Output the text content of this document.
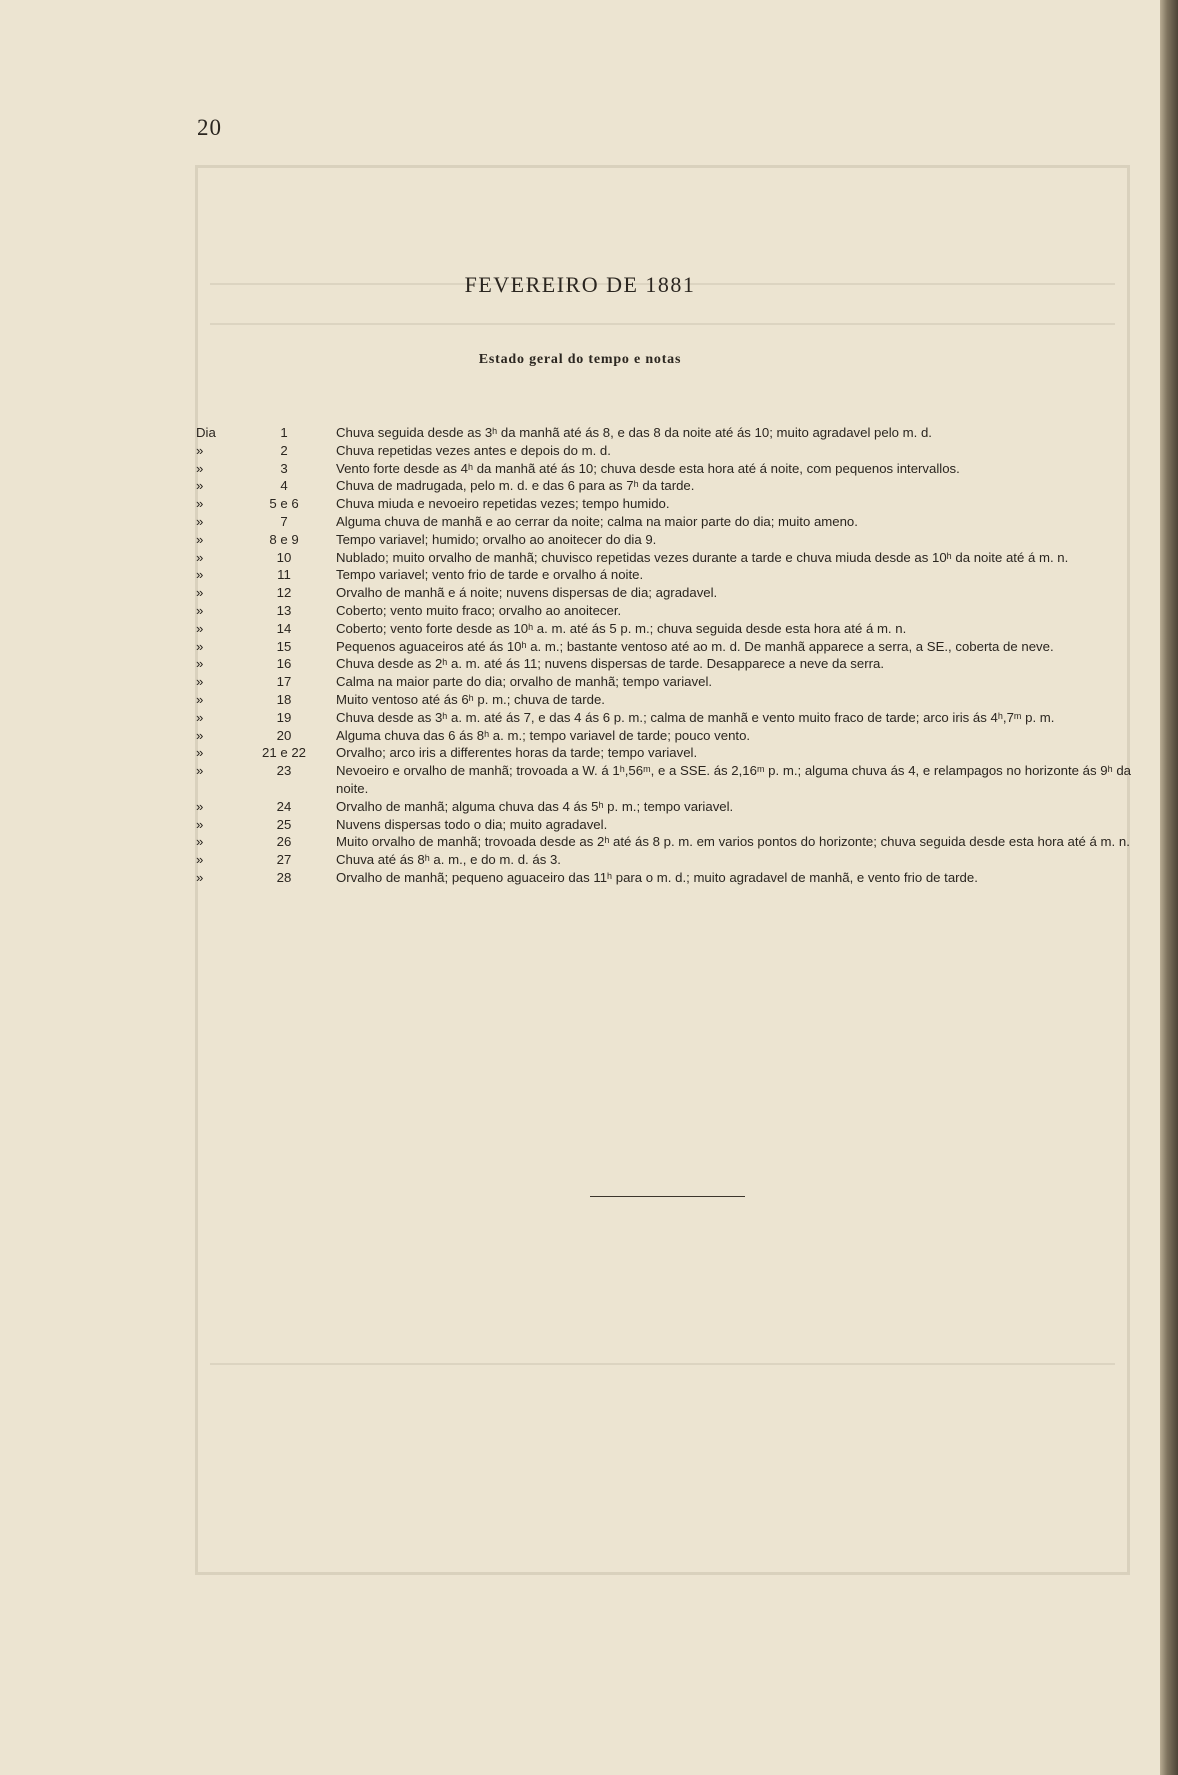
20
FEVEREIRO DE 1881
Estado geral do tempo e notas
Dia	1	Chuva seguida desde as 3ʰ da manhã até ás 8, e das 8 da noite até ás 10; muito agradavel pelo m. d.
»	2	Chuva repetidas vezes antes e depois do m. d.
»	3	Vento forte desde as 4ʰ da manhã até ás 10; chuva desde esta hora até á noite, com pequenos intervallos.
»	4	Chuva de madrugada, pelo m. d. e das 6 para as 7ʰ da tarde.
»	5 e 6	Chuva miuda e nevoeiro repetidas vezes; tempo humido.
»	7	Alguma chuva de manhã e ao cerrar da noite; calma na maior parte do dia; muito ameno.
»	8 e 9	Tempo variavel; humido; orvalho ao anoitecer do dia 9.
»	10	Nublado; muito orvalho de manhã; chuvisco repetidas vezes durante a tarde e chuva miuda desde as 10ʰ da noite até á m. n.
»	11	Tempo variavel; vento frio de tarde e orvalho á noite.
»	12	Orvalho de manhã e á noite; nuvens dispersas de dia; agradavel.
»	13	Coberto; vento muito fraco; orvalho ao anoitecer.
»	14	Coberto; vento forte desde as 10ʰ a. m. até ás 5 p. m.; chuva seguida desde esta hora até á m. n.
»	15	Pequenos aguaceiros até ás 10ʰ a. m.; bastante ventoso até ao m. d. De manhã apparece a serra, a SE., coberta de neve.
»	16	Chuva desde as 2ʰ a. m. até ás 11; nuvens dispersas de tarde. Desapparece a neve da serra.
»	17	Calma na maior parte do dia; orvalho de manhã; tempo variavel.
»	18	Muito ventoso até ás 6ʰ p. m.; chuva de tarde.
»	19	Chuva desde as 3ʰ a. m. até ás 7, e das 4 ás 6 p. m.; calma de manhã e vento muito fraco de tarde; arco iris ás 4ʰ,7ᵐ p. m.
»	20	Alguma chuva das 6 ás 8ʰ a. m.; tempo variavel de tarde; pouco vento.
»	21 e 22	Orvalho; arco iris a differentes horas da tarde; tempo variavel.
»	23	Nevoeiro e orvalho de manhã; trovoada a W. á 1ʰ,56ᵐ, e a SSE. ás 2,16ᵐ p. m.; alguma chuva ás 4, e relampagos no horizonte ás 9ʰ da noite.
»	24	Orvalho de manhã; alguma chuva das 4 ás 5ʰ p. m.; tempo variavel.
»	25	Nuvens dispersas todo o dia; muito agradavel.
»	26	Muito orvalho de manhã; trovoada desde as 2ʰ até ás 8 p. m. em varios pontos do horizonte; chuva seguida desde esta hora até á m. n.
»	27	Chuva até ás 8ʰ a. m., e do m. d. ás 3.
»	28	Orvalho de manhã; pequeno aguaceiro das 11ʰ para o m. d.; muito agradavel de manhã, e vento frio de tarde.
